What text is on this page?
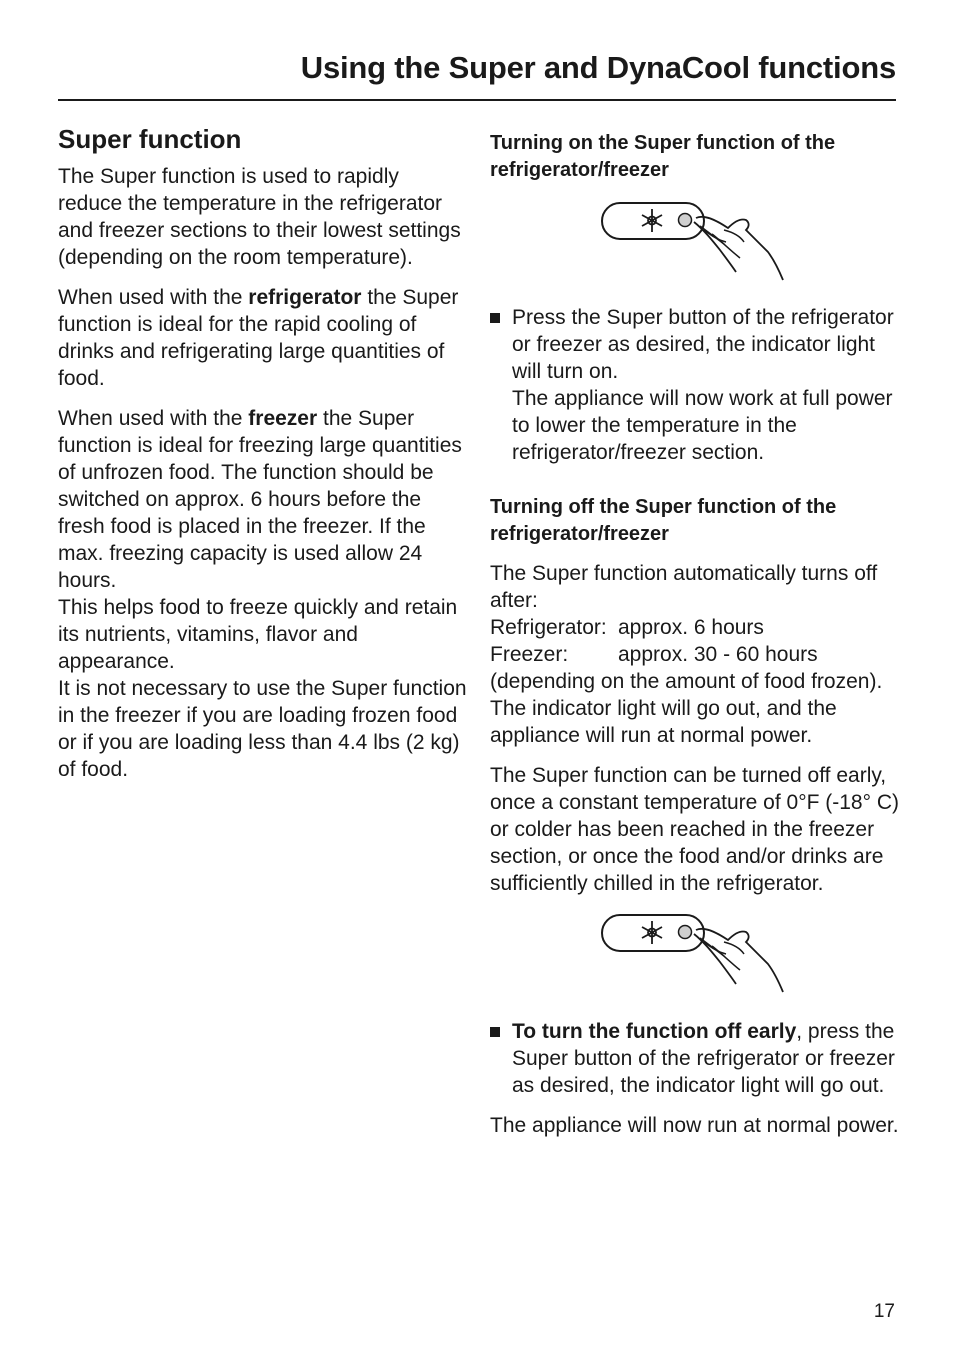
Using the Super and DynaCool functions
Super function

The Super function is used to rapidly reduce the temperature in the refrigerator and freezer sections to their lowest settings (depending on the room temperature).

When used with the refrigerator the Super function is ideal for the rapid cooling of drinks and refrigerating large quantities of food.

When used with the freezer the Super function is ideal for freezing large quantities of unfrozen food. The function should be switched on approx. 6 hours before the fresh food is placed in the freezer. If the max. freezing capacity is used allow 24 hours.

This helps food to freeze quickly and retain its nutrients, vitamins, flavor and appearance.

It is not necessary to use the Super function in the freezer if you are loading frozen food or if you are loading less than 4.4 lbs (2 kg) of food.

Turning on the Super function of the refrigerator/freezer

Press the Super button of the refrigerator or freezer as desired, the indicator light will turn on.

The appliance will now work at full power to lower the temperature in the refrigerator/freezer section.

Turning off the Super function of the refrigerator/freezer

The Super function automatically turns off after:

Refrigerator: approx. 6 hours
Freezer:	approx. 30 - 60 hours

(depending on the amount of food frozen).

The indicator light will go out, and the appliance will run at normal power.

The Super function can be turned off early, once a constant temperature of 0°F (-18° C) or colder has been reached in the freezer section, or once the food and/or drinks are sufficiently chilled in the refrigerator.

To turn the function off early, press the Super button of the refrigerator or freezer as desired, the indicator light will go out.

The appliance will now run at normal power.

17
